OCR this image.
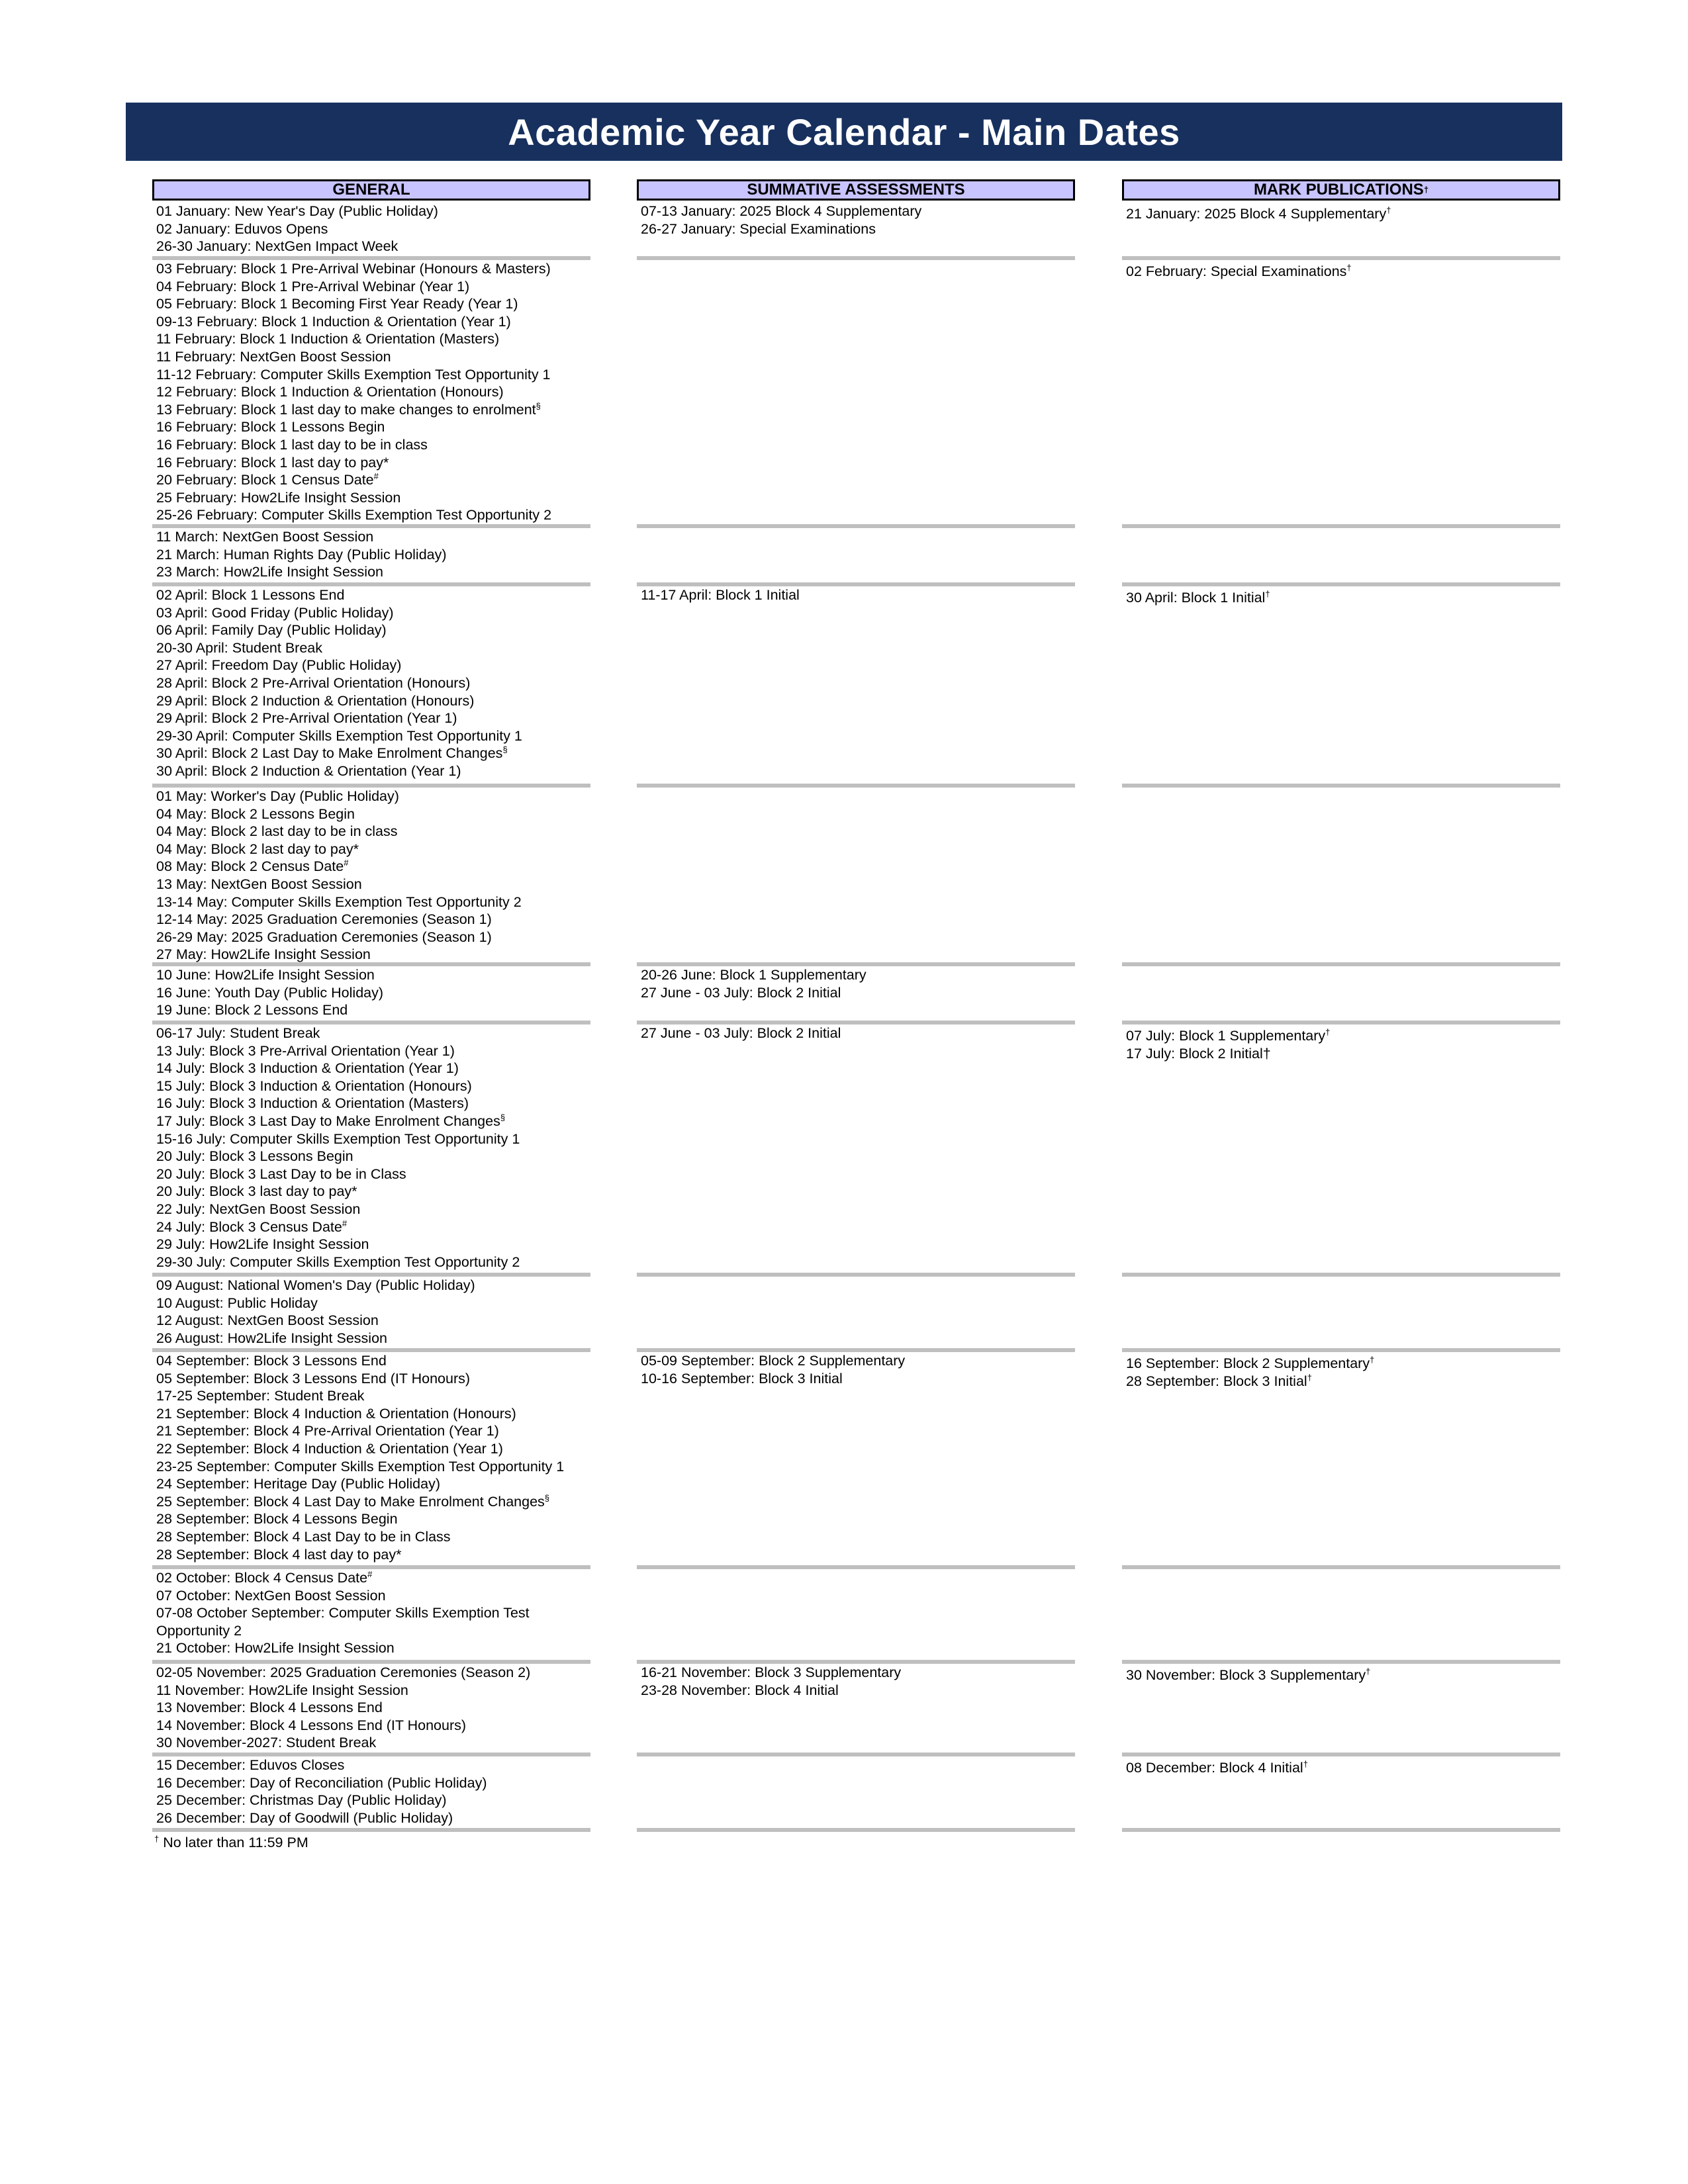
Academic Year Calendar - Main Dates
GENERAL	SUMMATIVE ASSESSMENTS	MARK PUBLICATIONS †
01 January: New Year's Day (Public Holiday)
02 January: Eduvos Opens
26-30 January: NextGen Impact Week
03 February: Block 1 Pre-Arrival Webinar (Honours & Masters)
04 February: Block 1 Pre-Arrival Webinar (Year 1)
05 February: Block 1 Becoming First Year Ready (Year 1)
09-13 February: Block 1 Induction & Orientation (Year 1)
11 February: Block 1 Induction & Orientation (Masters)
11 February: NextGen Boost Session
11-12 February: Computer Skills Exemption Test Opportunity 1
12 February: Block 1 Induction & Orientation (Honours)
13 February: Block 1 last day to make changes to enrolment§
16 February: Block 1 Lessons Begin
16 February: Block 1 last day to be in class
16 February: Block 1 last day to pay*
20 February: Block 1 Census Date#
25 February: How2Life Insight Session
25-26 February: Computer Skills Exemption Test Opportunity 2
11 March: NextGen Boost Session
21 March: Human Rights Day (Public Holiday)
23 March: How2Life Insight Session
02 April: Block 1 Lessons End
03 April: Good Friday (Public Holiday)
06 April: Family Day (Public Holiday)
20-30 April: Student Break
27 April: Freedom Day (Public Holiday)
28 April: Block 2 Pre-Arrival Orientation (Honours)
29 April: Block 2 Induction & Orientation (Honours)
29 April: Block 2 Pre-Arrival Orientation (Year 1)
29-30 April: Computer Skills Exemption Test Opportunity 1
30 April: Block 2 Last Day to Make Enrolment Changes§
30 April: Block 2 Induction & Orientation (Year 1)
01 May: Worker's Day (Public Holiday)
04 May: Block 2 Lessons Begin
04 May: Block 2 last day to be in class
04 May: Block 2 last day to pay*
08 May: Block 2 Census Date#
13 May: NextGen Boost Session
13-14 May: Computer Skills Exemption Test Opportunity 2
12-14 May: 2025 Graduation Ceremonies (Season 1)
26-29 May: 2025 Graduation Ceremonies (Season 1)
27 May: How2Life Insight Session
10 June: How2Life Insight Session
16 June: Youth Day (Public Holiday)
19 June: Block 2 Lessons End
06-17 July: Student Break
13 July: Block 3 Pre-Arrival Orientation (Year 1)
14 July: Block 3 Induction & Orientation (Year 1)
15 July: Block 3 Induction & Orientation (Honours)
16 July: Block 3 Induction & Orientation (Masters)
17 July: Block 3 Last Day to Make Enrolment Changes§
15-16 July: Computer Skills Exemption Test Opportunity 1
20 July: Block 3 Lessons Begin
20 July: Block 3 Last Day to be in Class
20 July: Block 3 last day to pay*
22 July: NextGen Boost Session
24 July: Block 3 Census Date#
29 July: How2Life Insight Session
29-30 July: Computer Skills Exemption Test Opportunity 2
09 August: National Women's Day (Public Holiday)
10 August: Public Holiday
12 August: NextGen Boost Session
26 August: How2Life Insight Session
04 September: Block 3 Lessons End
05 September: Block 3 Lessons End (IT Honours)
17-25 September: Student Break
21 September: Block 4 Induction & Orientation (Honours)
21 September: Block 4 Pre-Arrival Orientation (Year 1)
22 September: Block 4 Induction & Orientation (Year 1)
23-25 September: Computer Skills Exemption Test Opportunity 1
24 September: Heritage Day (Public Holiday)
25 September: Block 4 Last Day to Make Enrolment Changes§
28 September: Block 4 Lessons Begin
28 September: Block 4 Last Day to be in Class
28 September: Block 4 last day to pay*
02 October: Block 4 Census Date#
07 October: NextGen Boost Session
07-08 October September: Computer Skills Exemption Test
Opportunity 2
21 October: How2Life Insight Session
02-05 November: 2025 Graduation Ceremonies (Season 2)
11 November: How2Life Insight Session
13 November: Block 4 Lessons End
14 November: Block 4 Lessons End (IT Honours)
30 November-2027: Student Break
15 December: Eduvos Closes
16 December: Day of Reconciliation (Public Holiday)
25 December: Christmas Day (Public Holiday)
26 December: Day of Goodwill (Public Holiday)
07-13 January: 2025 Block 4 Supplementary
26-27 January: Special Examinations
11-17 April: Block 1 Initial
20-26 June: Block 1 Supplementary
27 June - 03 July: Block 2 Initial
27 June - 03 July: Block 2 Initial
05-09 September: Block 2 Supplementary
10-16 September: Block 3 Initial
16-21 November: Block 3 Supplementary
23-28 November: Block 4 Initial
21 January: 2025 Block 4 Supplementary†
02 February: Special Examinations†
30 April: Block 1 Initial†
07 July: Block 1 Supplementary†
17 July: Block 2 Initial†
16 September: Block 2 Supplementary†
28 September: Block 3 Initial†
30 November: Block 3 Supplementary†
08 December: Block 4 Initial†
† No later than 11:59 PM
